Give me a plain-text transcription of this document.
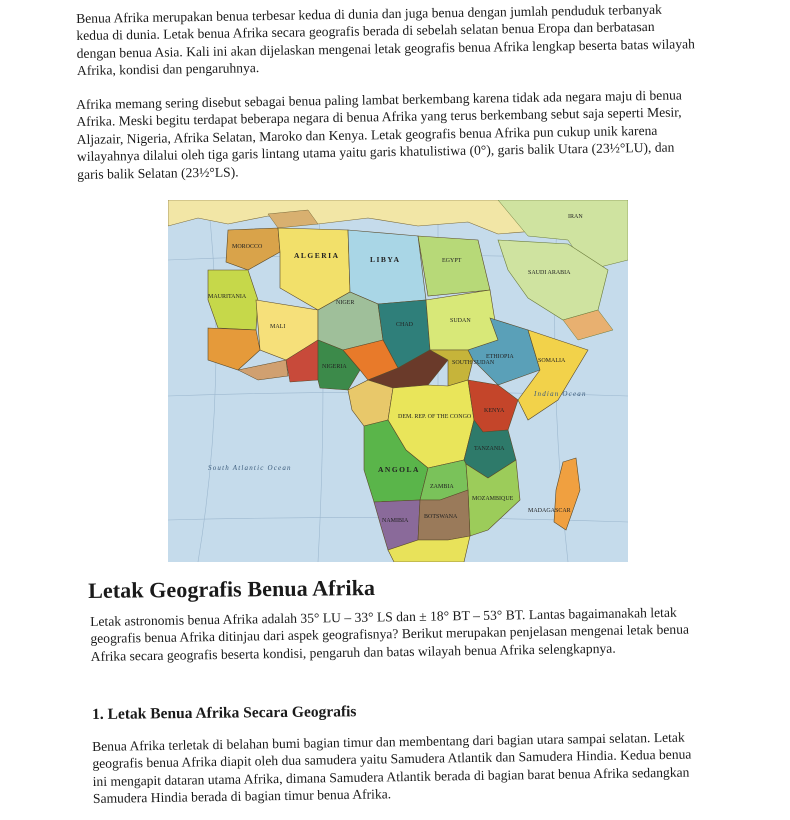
Benua Afrika merupakan benua terbesar kedua di dunia dan juga benua dengan jumlah penduduk terbanyak kedua di dunia. Letak benua Afrika secara geografis berada di sebelah selatan benua Eropa dan berbatasan dengan benua Asia. Kali ini akan dijelaskan mengenai letak geografis benua Afrika lengkap beserta batas wilayah Afrika, kondisi dan pengaruhnya.

Afrika memang sering disebut sebagai benua paling lambat berkembang karena tidak ada negara maju di benua Afrika. Meski begitu terdapat beberapa negara di benua Afrika yang terus berkembang sebut saja seperti Mesir, Aljazair, Nigeria, Afrika Selatan, Maroko dan Kenya. Letak geografis benua Afrika pun cukup unik karena wilayahnya dilalui oleh tiga garis lintang utama yaitu garis khatulistiwa (0°), garis balik Utara (23½°LU), dan garis balik Selatan (23½°LS).

ALGERIA	LIBYA	EGYPT
NIGER
CHAD
SUDAN
MALI
MAURITANIA
MOROCCO
NIGERIA
ETHIOPIA
SOMALIA
SOUTH SUDAN
SAUDI ARABIA
IRAN
KENYA
TANZANIA
ANGOLA
DEM. REP. OF THE CONGO
MOZAMBIQUE
MADAGASCAR
NAMIBIA
BOTSWANA
ZAMBIA
South Atlantic Ocean
Indian Ocean
Letak Geografis Benua Afrika

Letak astronomis benua Afrika adalah 35° LU – 33° LS dan ± 18° BT – 53° BT. Lantas bagaimanakah letak geografis benua Afrika ditinjau dari aspek geografisnya? Berikut merupakan penjelasan mengenai letak benua Afrika secara geografis beserta kondisi, pengaruh dan batas wilayah benua Afrika selengkapnya.

1. Letak Benua Afrika Secara Geografis

Benua Afrika terletak di belahan bumi bagian timur dan membentang dari bagian utara sampai selatan. Letak geografis benua Afrika diapit oleh dua samudera yaitu Samudera Atlantik dan Samudera Hindia. Kedua benua ini mengapit dataran utama Afrika, dimana Samudera Atlantik berada di bagian barat benua Afrika sedangkan Samudera Hindia berada di bagian timur benua Afrika.
